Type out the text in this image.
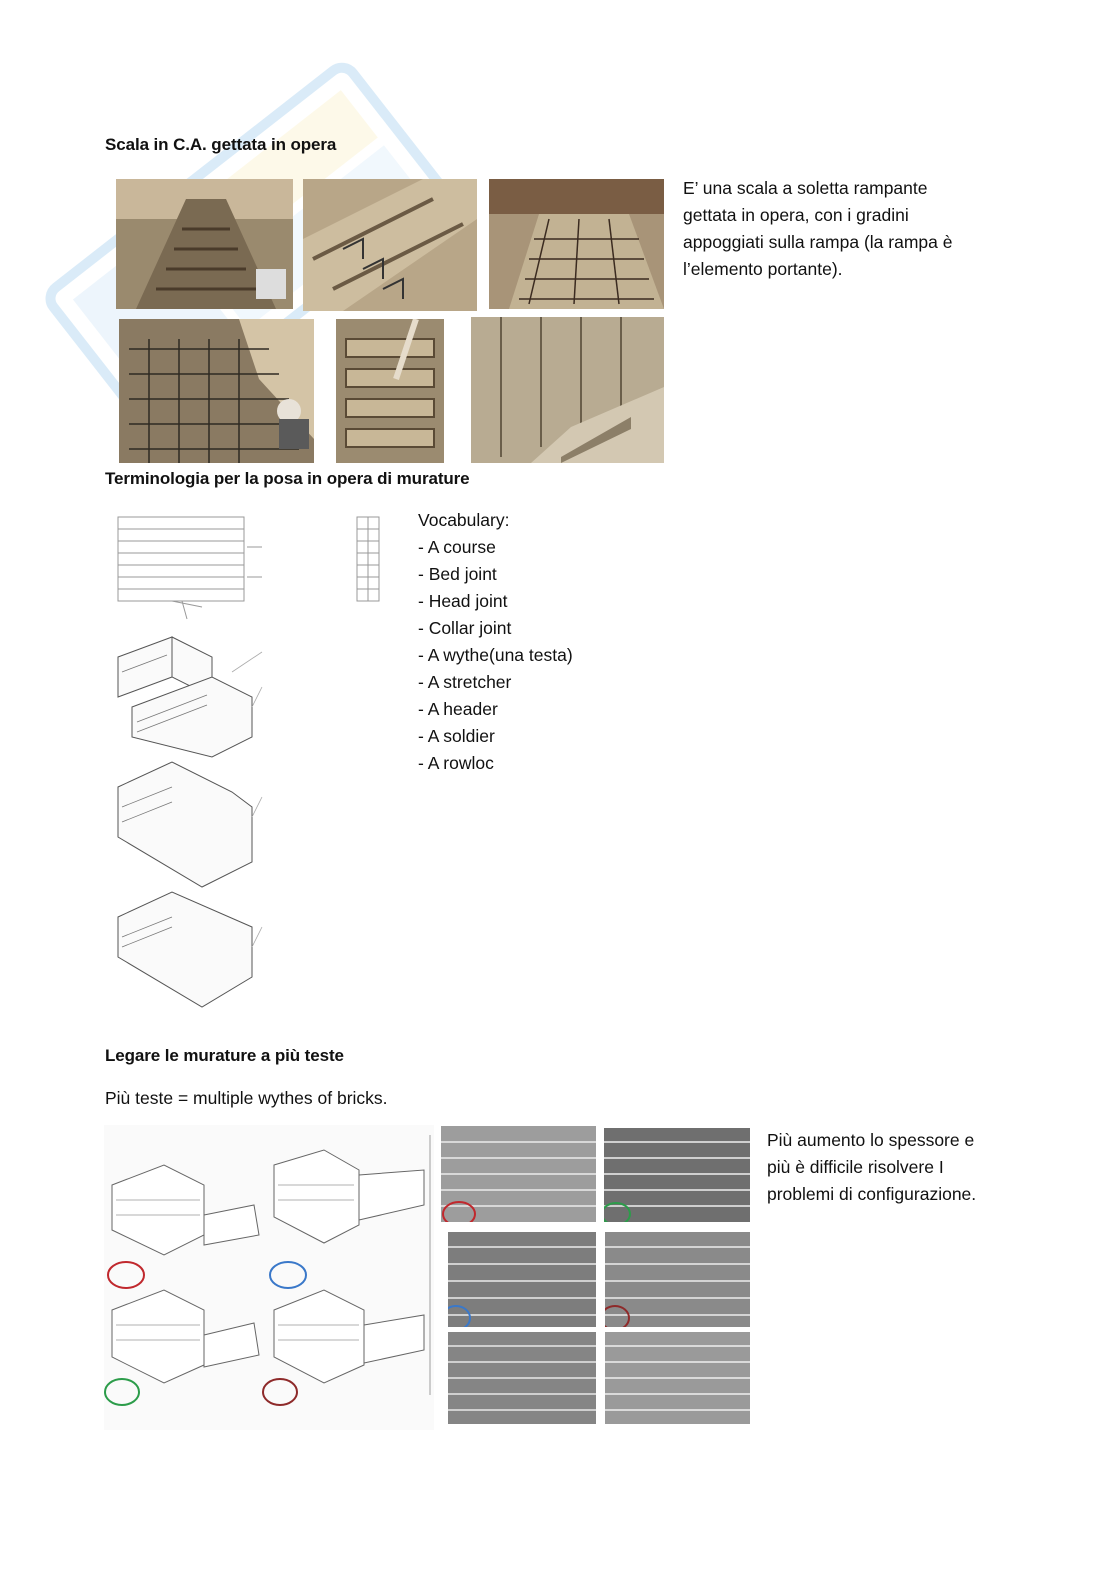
Scala in C.A. gettata in opera
E’ una scala a soletta rampante
gettata in opera, con i gradini
appoggiati sulla rampa (la rampa è
l’elemento portante).
Terminologia per la posa in opera di murature
Vocabulary:
- A course
- Bed joint
- Head joint
- Collar joint
- A wythe(una testa)
- A stretcher
- A header
- A soldier
- A rowloc
Legare le murature a più teste
Più teste = multiple wythes of bricks.
Più aumento lo spessore e
più è difficile risolvere I
problemi di configurazione.
